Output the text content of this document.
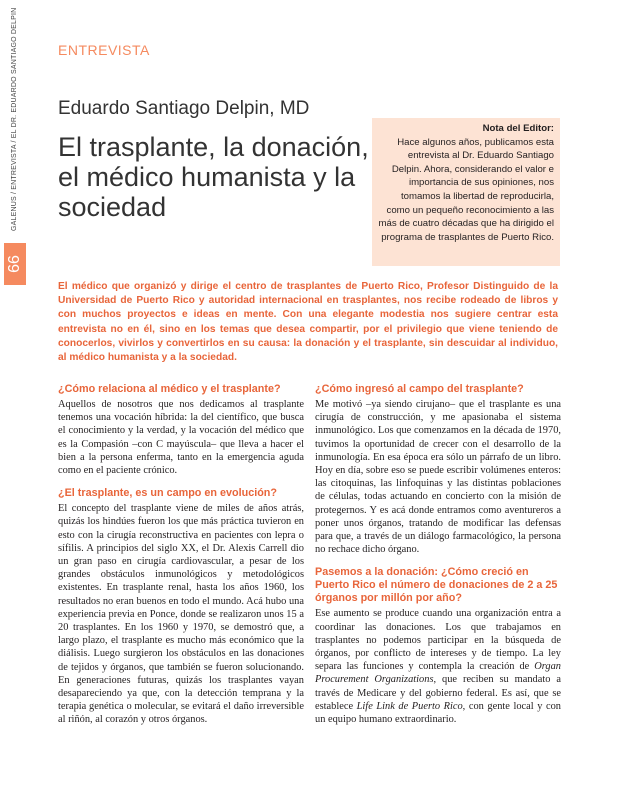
GALENUS / ENTREVISTA / EL DR. EDUARDO SANTIAGO DELPIN
66
ENTREVISTA
Eduardo Santiago Delpin, MD
El trasplante, la donación, el médico humanista y la sociedad
Nota del Editor:
Hace algunos años, publicamos esta entrevista al Dr. Eduardo Santiago Delpin. Ahora, considerando el valor e importancia de sus opiniones, nos tomamos la libertad de reproducirla, como un pequeño reconocimiento a las más de cuatro décadas que ha dirigido el programa de trasplantes de Puerto Rico.

El médico que organizó y dirige el centro de trasplantes de Puerto Rico, Profesor Distinguido de la Universidad de Puerto Rico y autoridad internacional en trasplantes, nos recibe rodeado de libros y con muchos proyectos e ideas en mente. Con una elegante modestia nos sugiere centrar esta entrevista no en él, sino en los temas que desea compartir, por el privilegio que viene teniendo de conocerlos, vivirlos y convertirlos en su causa: la donación y el trasplante, sin descuidar al individuo, al médico humanista y a la sociedad.

¿Cómo relaciona al médico y el trasplante?

Aquellos de nosotros que nos dedicamos al trasplante tenemos una vocación híbrida: la del científico, que busca el conocimiento y la verdad, y la vocación del médico que es la Compasión –con C mayúscula– que lleva a hacer el bien a la persona enferma, tanto en la emergencia aguda como en el paciente crónico.

¿El trasplante, es un campo en evolución?

El concepto del trasplante viene de miles de años atrás, quizás los hindúes fueron los que más práctica tuvieron en esto con la cirugía reconstructiva en pacientes con lepra o sífilis. A principios del siglo XX, el Dr. Alexis Carrell dio un gran paso en cirugía cardiovascular, a pesar de los grandes obstáculos inmunológicos y metodológicos existentes. En trasplante renal, hasta los años 1960, los resultados no eran buenos en todo el mundo. Acá hubo una experiencia previa en Ponce, donde se realizaron unos 15 a 20 trasplantes. En los 1960 y 1970, se demostró que, a largo plazo, el trasplante es mucho más económico que la diálisis. Luego surgieron los obstáculos en las donaciones de tejidos y órganos, que también se fueron solucionando. En generaciones futuras, quizás los trasplantes vayan desapareciendo ya que, con la detección temprana y la terapia genética o molecular, se evitará el daño irreversible al riñón, al corazón y otros órganos.

¿Cómo ingresó al campo del trasplante?

Me motivó –ya siendo cirujano– que el trasplante es una cirugía de construcción, y me apasionaba el sistema inmunológico. Los que comenzamos en la década de 1970, tuvimos la oportunidad de crecer con el desarrollo de la inmunología. En esa época era sólo un párrafo de un libro. Hoy en día, sobre eso se puede escribir volúmenes enteros: las citoquinas, las linfoquinas y las distintas poblaciones de células, todas actuando en concierto con la misión de protegernos. Y es acá donde entramos como aventureros a poner unos órganos, tratando de modificar las defensas para que, a través de un diálogo farmacológico, la persona no rechace dicho órgano.

Pasemos a la donación: ¿Cómo creció en Puerto Rico el número de donaciones de 2 a 25 órganos por millón por año?

Ese aumento se produce cuando una organización entra a coordinar las donaciones. Los que trabajamos en trasplantes no podemos participar en la búsqueda de órganos, por conflicto de intereses y de tiempo. La ley separa las funciones y contempla la creación de Organ Procurement Organizations, que reciben su mandato a través de Medicare y del gobierno federal. Es así, que se establece Life Link de Puerto Rico, con gente local y con un equipo humano extraordinario.
